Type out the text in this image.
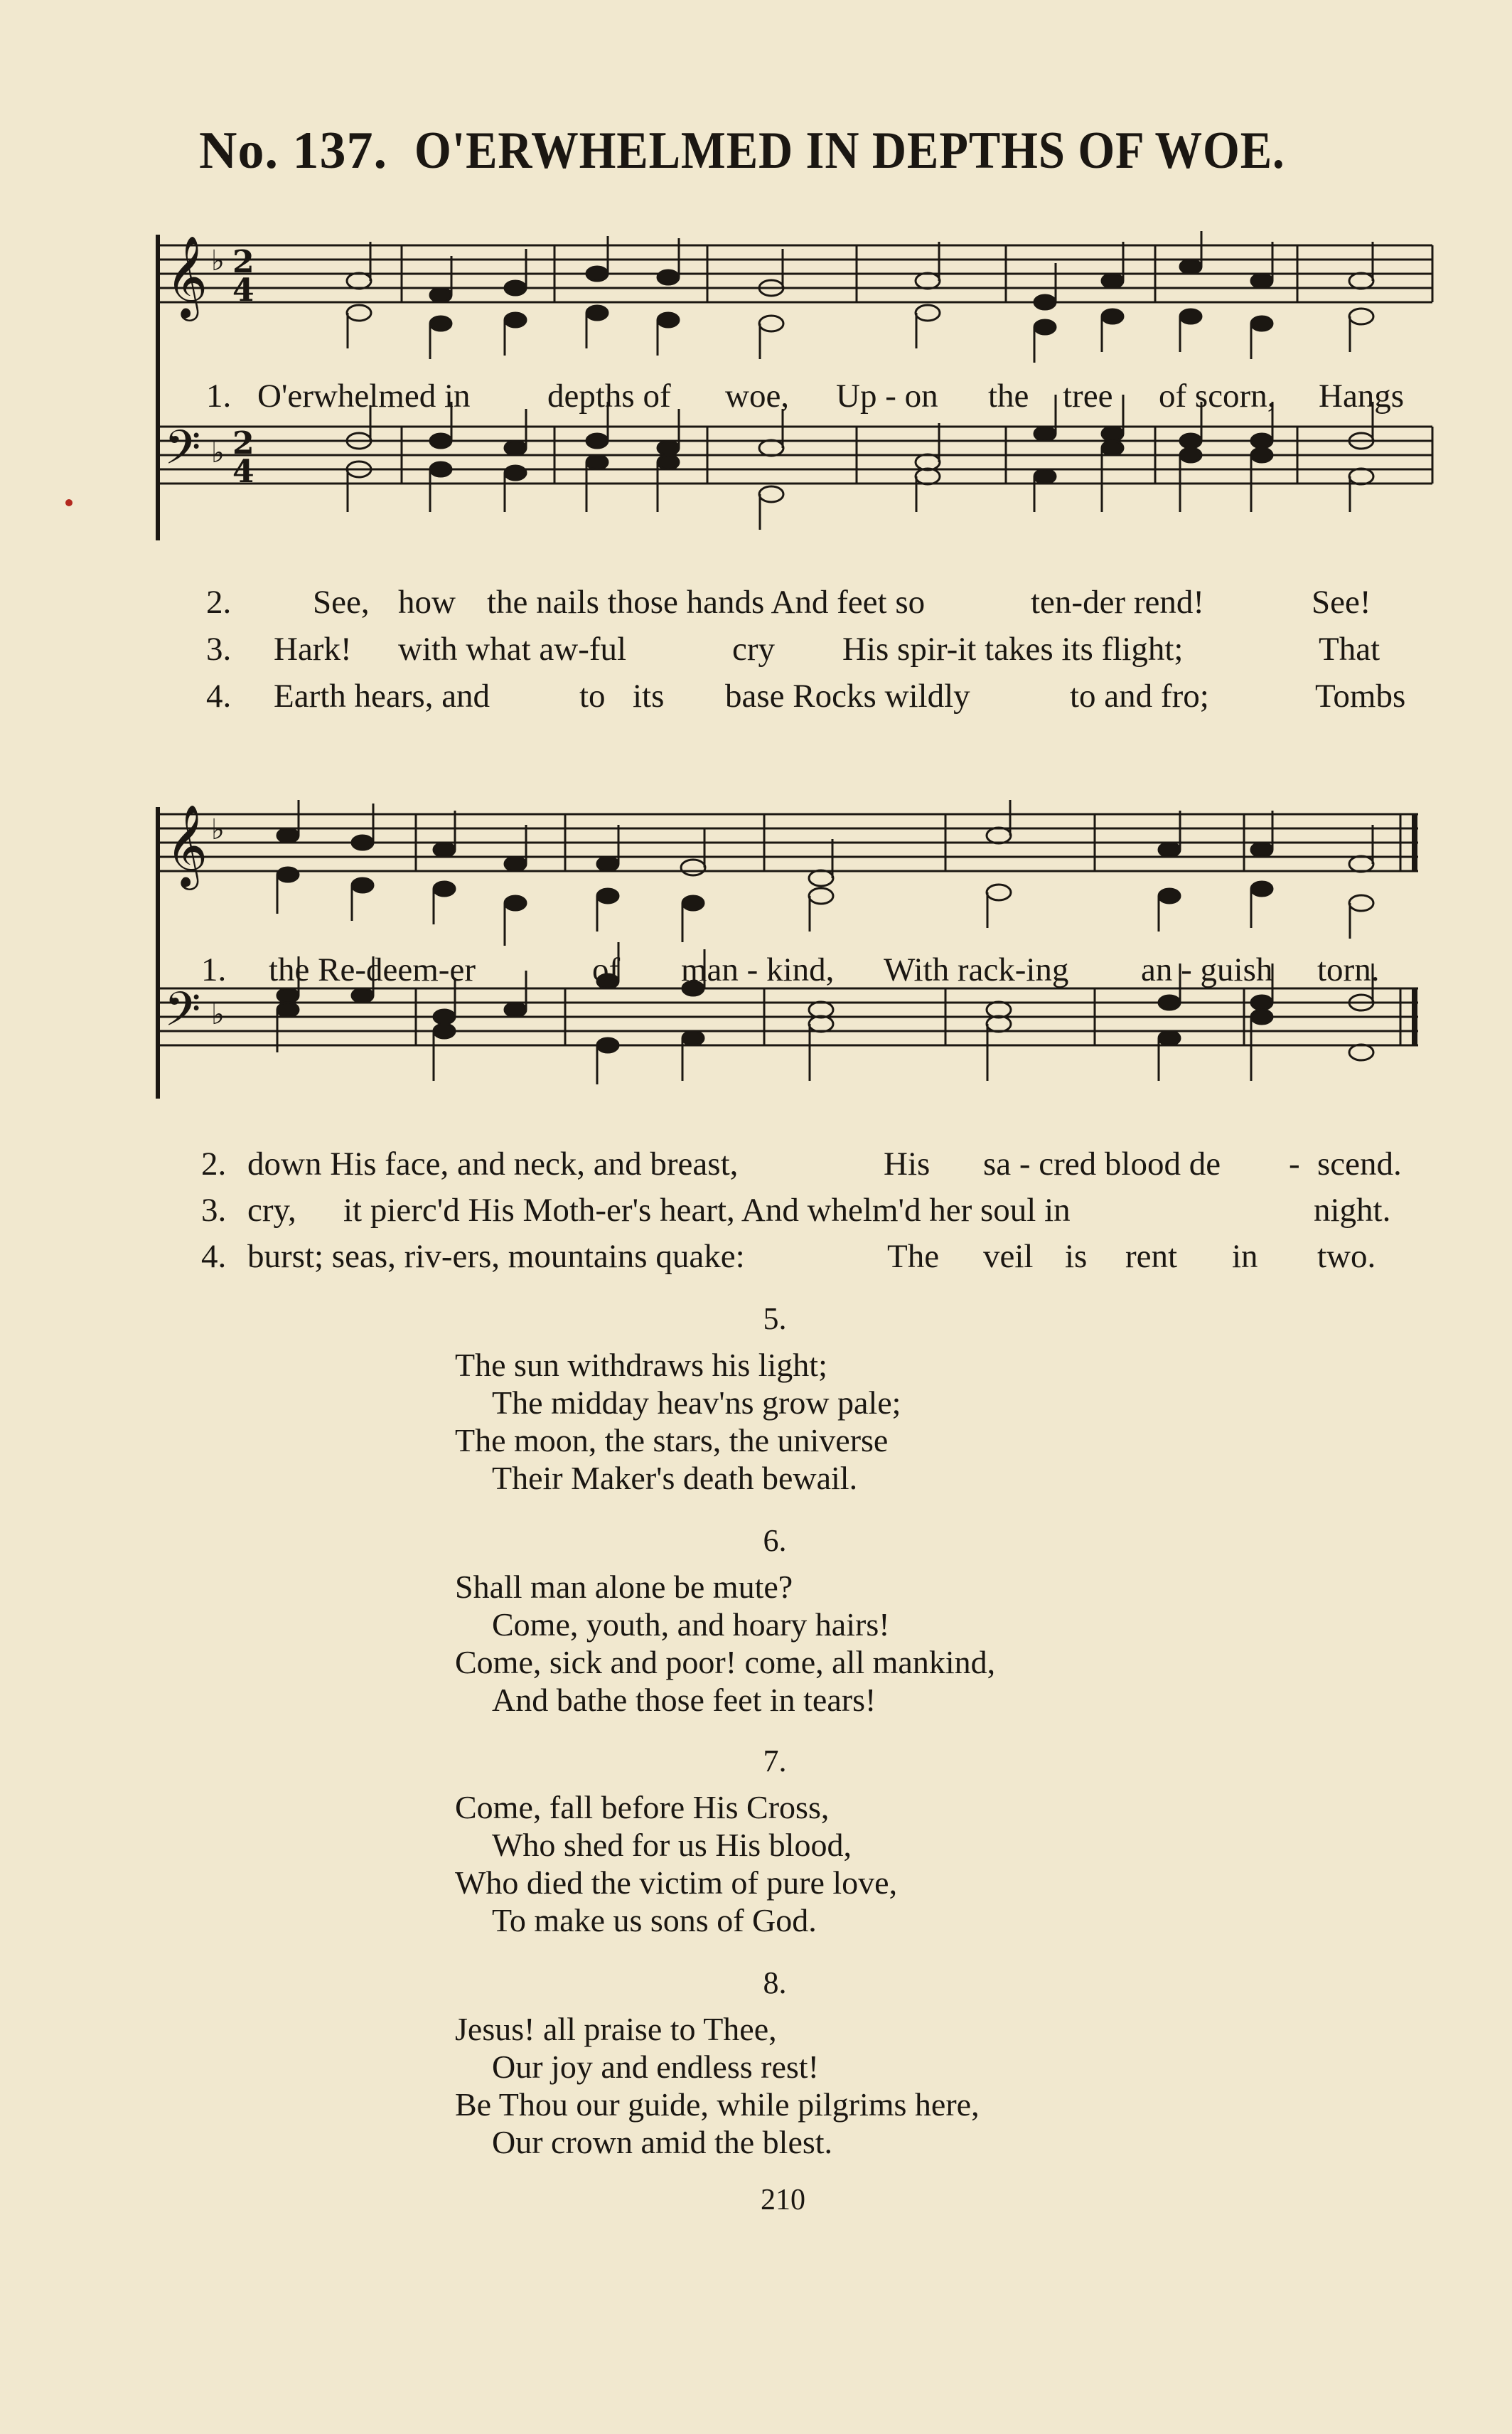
No. 137. O'ERWHELMED IN DEPTHS OF WOE.
𝄞 ♭ 2
4
𝄢 ♭ 2
4
1. O'erwhelmed in depths of woe, Up - on the tree of scorn, Hangs
2.	See, how the nails those hands And feet so	ten-der rend!	See!
3.	Hark! with what aw-ful	cry His spir-it takes its flight;	That
4.	Earth hears, and	to its base Rocks wildly	to and fro;	Tombs
𝄞 ♭
𝄢 ♭
1.	the Re-deem-er	of man - kind, With rack-ing an - guish torn.
2. down His face, and neck, and breast,	His sa - cred blood de - scend.
3. cry, it pierc'd His Moth-er's heart, And whelm'd her soul in	night.
4. burst; seas, riv-ers, mountains quake:	The veil is rent in two.
5.
The sun withdraws his light;
The midday heav'ns grow pale;
The moon, the stars, the universe
Their Maker's death bewail.
6.
Shall man alone be mute?
Come, youth, and hoary hairs!
Come, sick and poor! come, all mankind,
And bathe those feet in tears!
7.
Come, fall before His Cross,
Who shed for us His blood,
Who died the victim of pure love,
To make us sons of God.
8.
Jesus! all praise to Thee,
Our joy and endless rest!
Be Thou our guide, while pilgrims here,
Our crown amid the blest.
210
